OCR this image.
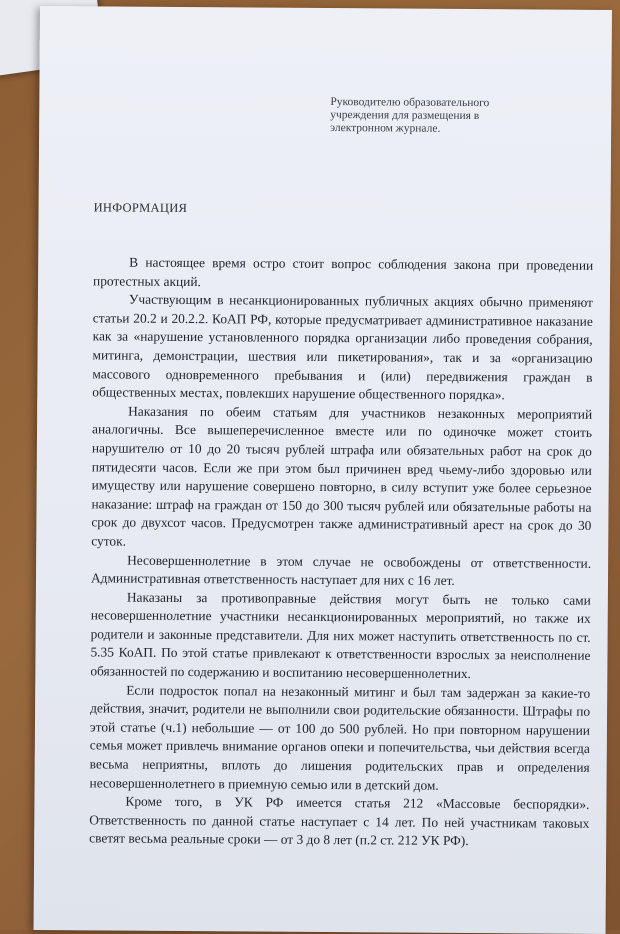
Руководителю образовательного учреждения для размещения в электронном журнале.
ИНФОРМАЦИЯ

В настоящее время остро стоит вопрос соблюдения закона при проведении протестных акций.

Участвующим в несанкционированных публичных акциях обычно применяют статьи 20.2 и 20.2.2. КоАП РФ, которые предусматривает административное наказание как за «нарушение установленного порядка организации либо проведения собрания, митинга, демонстрации, шествия или пикетирования», так и за «организацию массового одновременного пребывания и (или) передвижения граждан в общественных местах, повлекших нарушение общественного порядка».

Наказания по обеим статьям для участников незаконных мероприятий аналогичны. Все вышеперечисленное вместе или по одиночке может стоить нарушителю от 10 до 20 тысяч рублей штрафа или обязательных работ на срок до пятидесяти часов. Если же при этом был причинен вред чьему-либо здоровью или имуществу или нарушение совершено повторно, в силу вступит уже более серьезное наказание: штраф на граждан от 150 до 300 тысяч рублей или обязательные работы на срок до двухсот часов. Предусмотрен также административный арест на срок до 30 суток.

Несовершеннолетние в этом случае не освобождены от ответственности. Административная ответственность наступает для них с 16 лет.

Наказаны за противоправные действия могут быть не только сами несовершеннолетние участники несанкционированных мероприятий, но также их родители и законные представители. Для них может наступить ответственность по ст. 5.35 КоАП. По этой статье привлекают к ответственности взрослых за неисполнение обязанностей по содержанию и воспитанию несовершеннолетних.

Если подросток попал на незаконный митинг и был там задержан за какие-то действия, значит, родители не выполнили свои родительские обязанности. Штрафы по этой статье (ч.1) небольшие — от 100 до 500 рублей. Но при повторном нарушении семья может привлечь внимание органов опеки и попечительства, чьи действия всегда весьма неприятны, вплоть до лишения родительских прав и определения несовершеннолетнего в приемную семью или в детский дом.

Кроме того, в УК РФ имеется статья 212 «Массовые беспорядки». Ответственность по данной статье наступает с 14 лет. По ней участникам таковых светят весьма реальные сроки — от 3 до 8 лет (п.2 ст. 212 УК РФ).
